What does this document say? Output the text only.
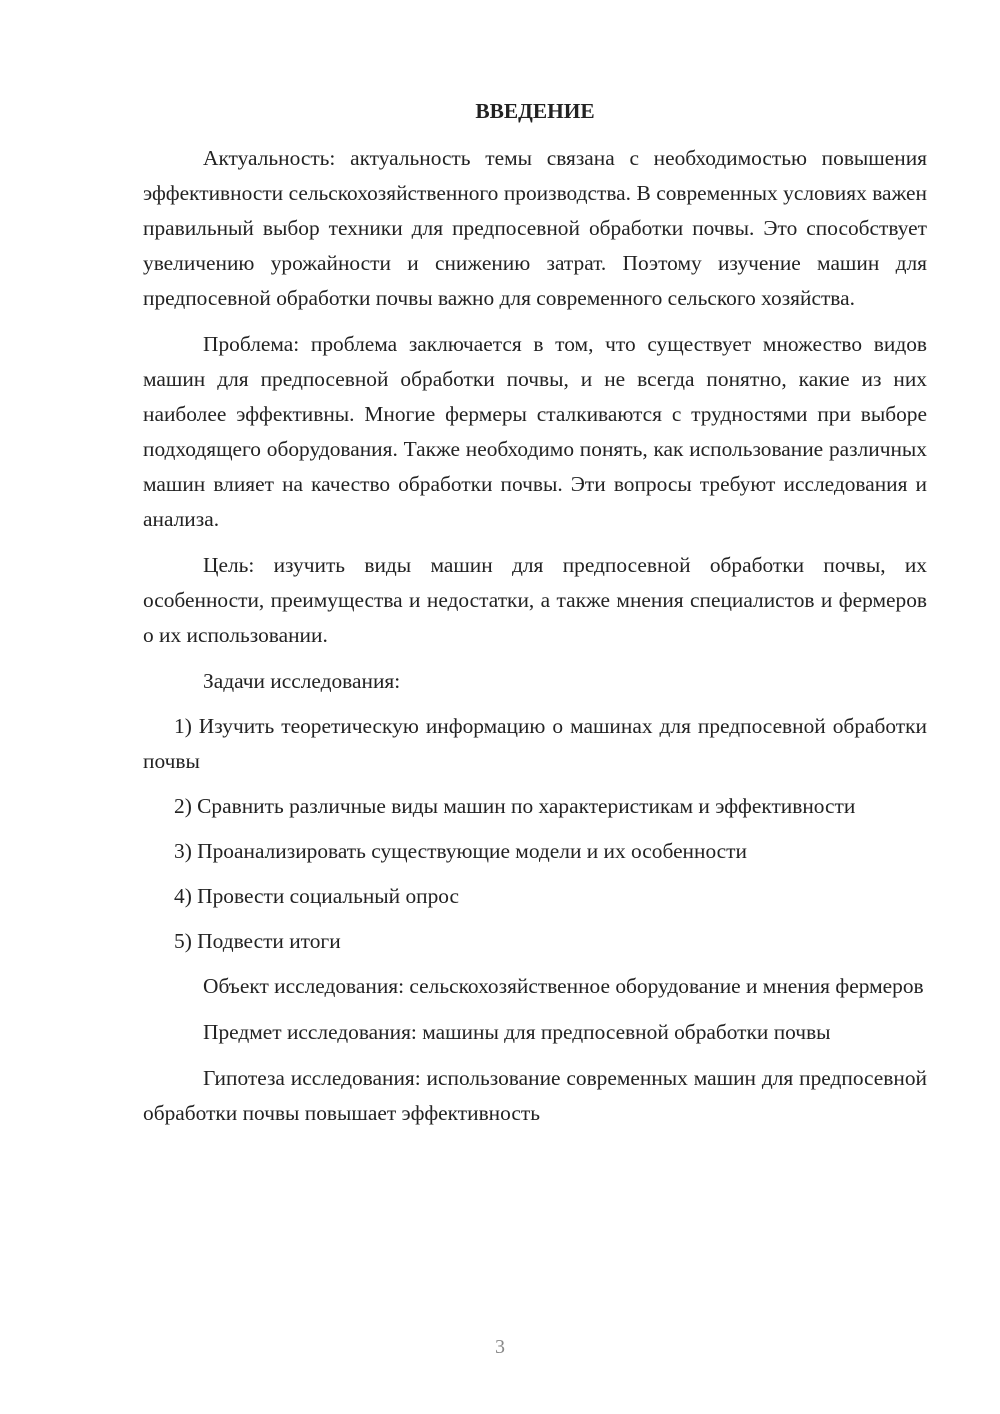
ВВЕДЕНИЕ

Актуальность: актуальность темы связана с необходимостью повышения эффективности сельскохозяйственного производства. В современных условиях важен правильный выбор техники для предпосевной обработки почвы. Это способствует увеличению урожайности и снижению затрат. Поэтому изучение машин для предпосевной обработки почвы важно для современного сельского хозяйства.

Проблема: проблема заключается в том, что существует множество видов машин для предпосевной обработки почвы, и не всегда понятно, какие из них наиболее эффективны. Многие фермеры сталкиваются с трудностями при выборе подходящего оборудования. Также необходимо понять, как использование различных машин влияет на качество обработки почвы. Эти вопросы требуют исследования и анализа.

Цель: изучить виды машин для предпосевной обработки почвы, их особенности, преимущества и недостатки, а также мнения специалистов и фермеров о их использовании.

Задачи исследования:

1) Изучить теоретическую информацию о машинах для предпосевной обработки почвы

2) Сравнить различные виды машин по характеристикам и эффективности

3) Проанализировать существующие модели и их особенности

4) Провести социальный опрос

5) Подвести итоги

Объект исследования: сельскохозяйственное оборудование и мнения фермеров

Предмет исследования: машины для предпосевной обработки почвы

Гипотеза исследования: использование современных машин для предпосевной обработки почвы повышает эффективность

3
